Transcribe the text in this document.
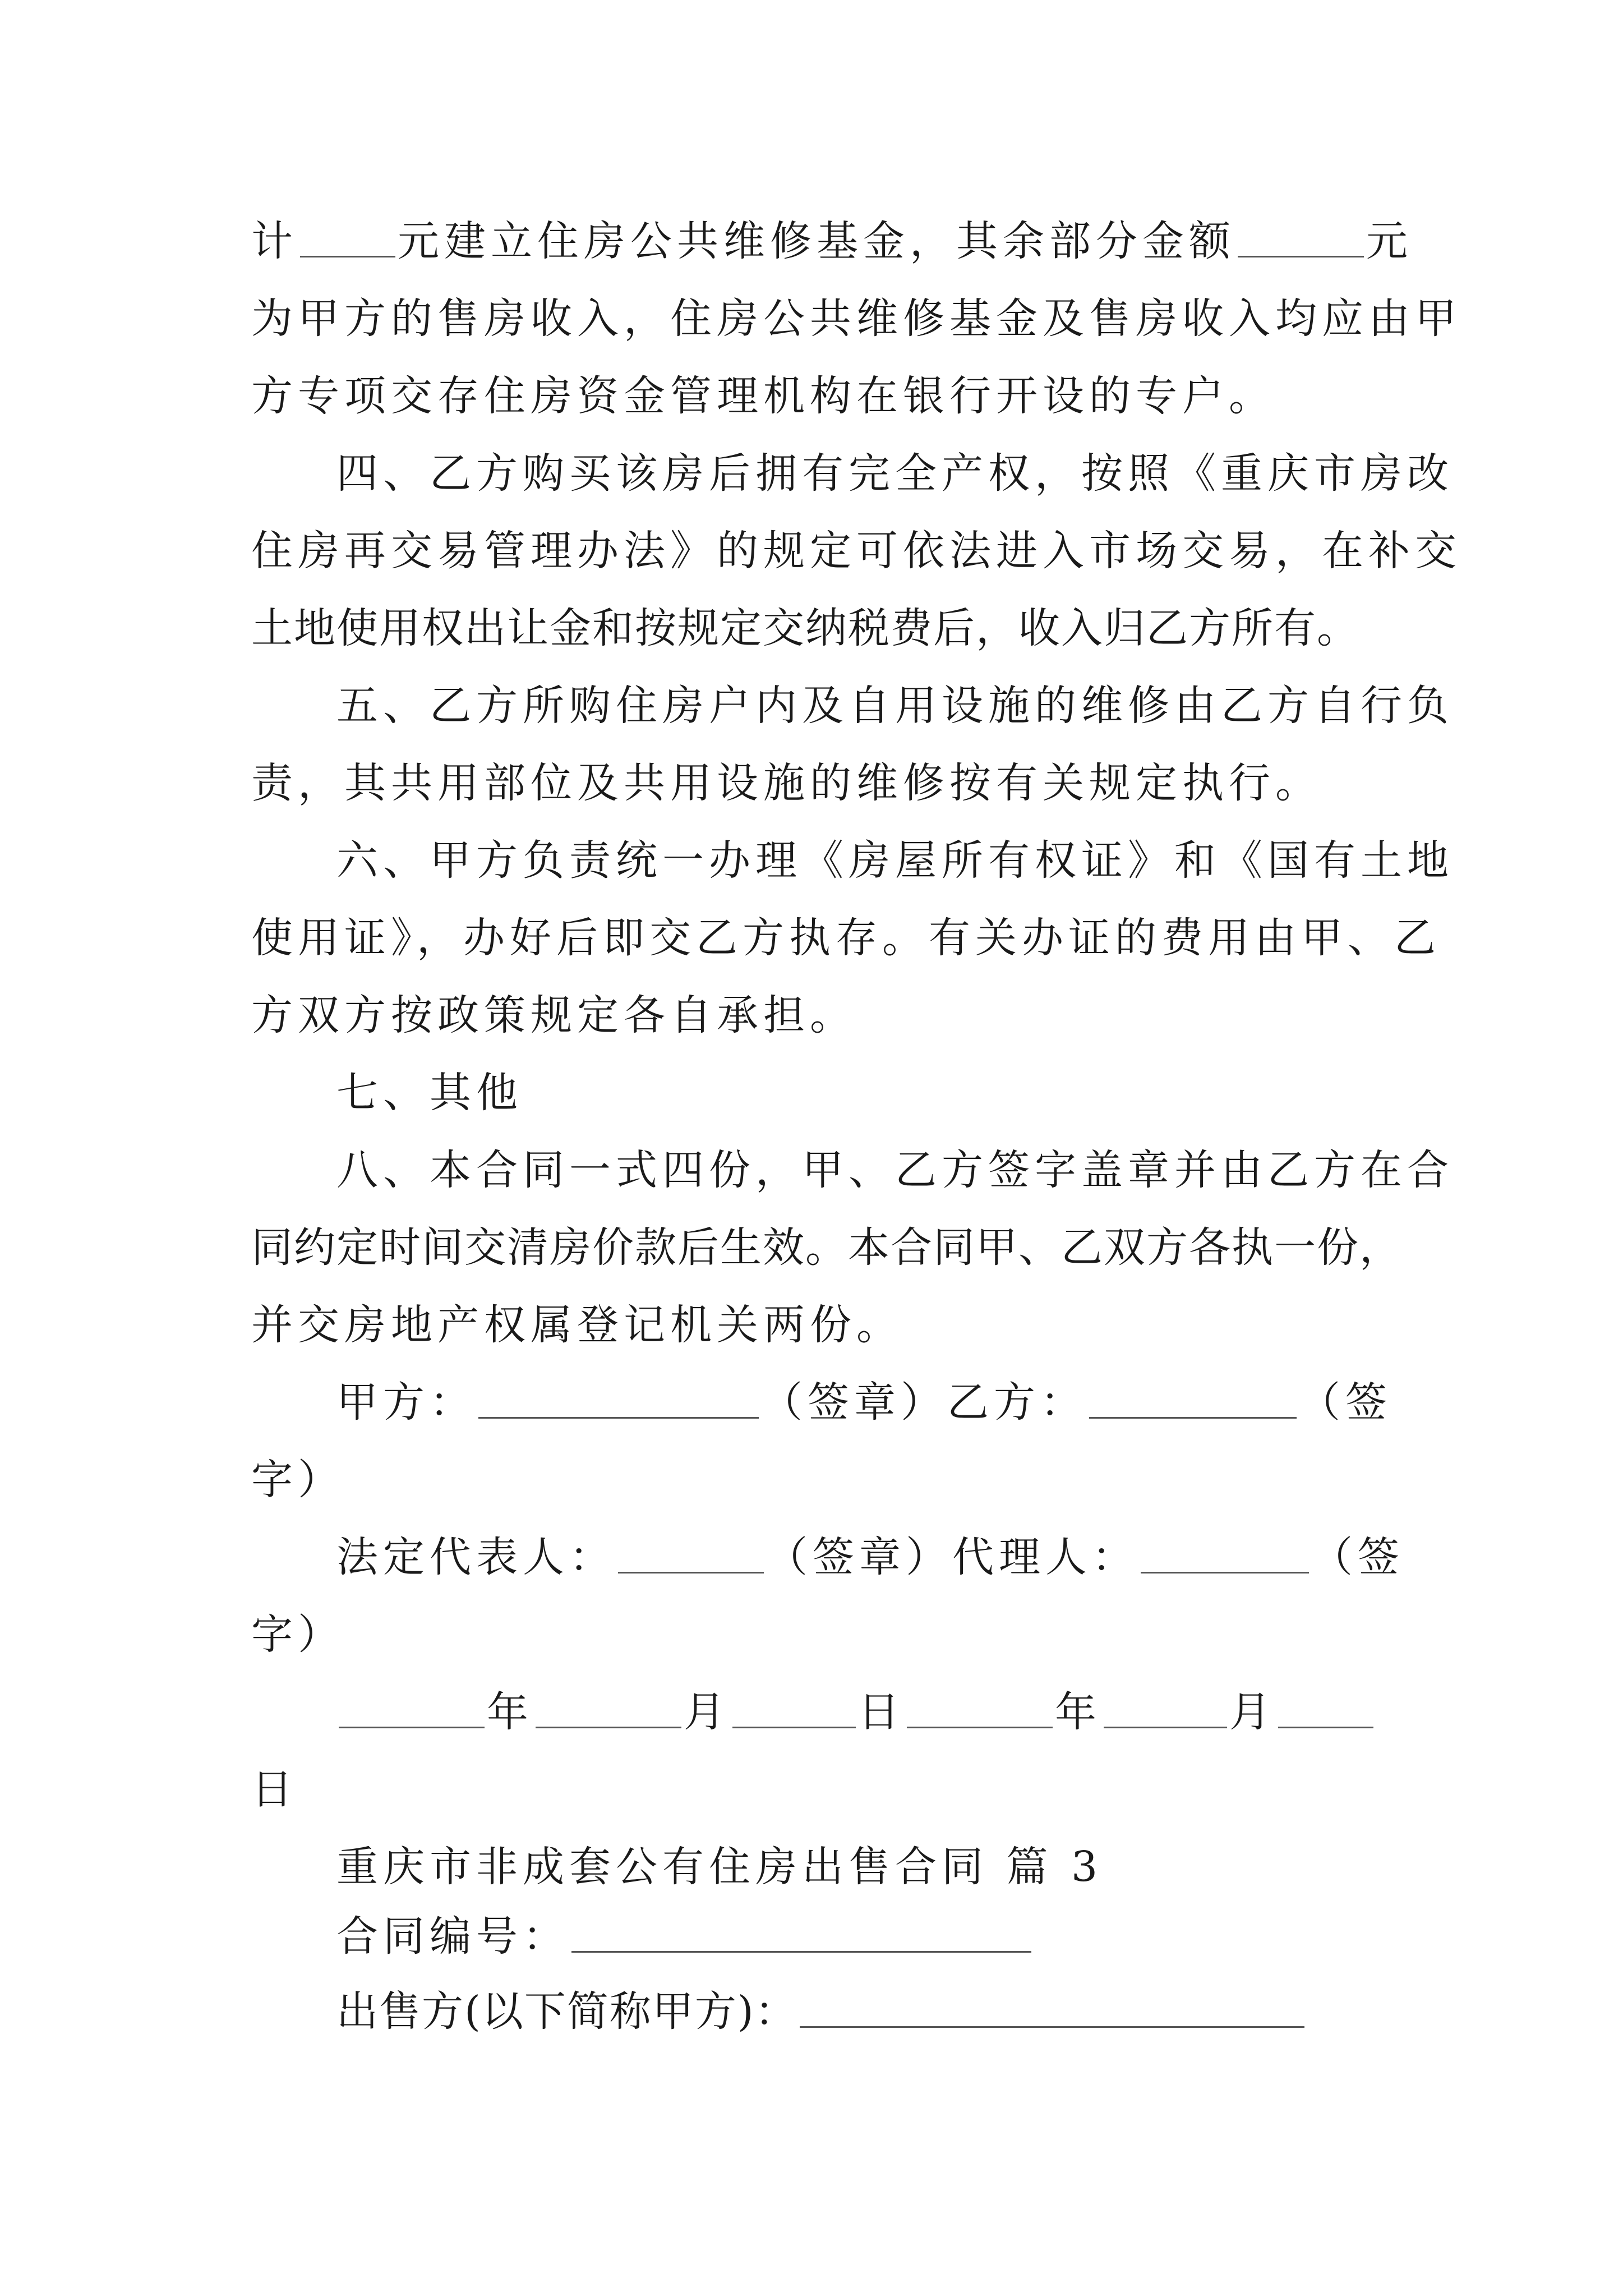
计 元建立住房公共维修基金，其余部分金额	元
为甲方的售房收入，住房公共维修基金及售房收入均应由甲
方专项交存住房资金管理机构在银行开设的专户。
四、乙方购买该房后拥有完全产权，按照《重庆市房改
住房再交易管理办法》的规定可依法进入市场交易，在补交
土地使用权出让金和按规定交纳税费后，收入归乙方所有。
五、乙方所购住房户内及自用设施的维修由乙方自行负
责，其共用部位及共用设施的维修按有关规定执行。
六、甲方负责统一办理《房屋所有权证》和《国有土地
使用证》，办好后即交乙方执存。有关办证的费用由甲、乙
方双方按政策规定各自承担。
七、其他
八、本合同一式四份，甲、乙方签字盖章并由乙方在合
同约定时间交清房价款后生效。本合同甲、乙双方各执一份，
并交房地产权属登记机关两份。
甲方：	（签章）乙方：	（签
字）
法定代表人：	（签章）代理人：	（签
字）
年	月	日	年	月
日
重庆市非成套公有住房出售合同 篇 3
合同编号：
出售方(以下简称甲方)：
